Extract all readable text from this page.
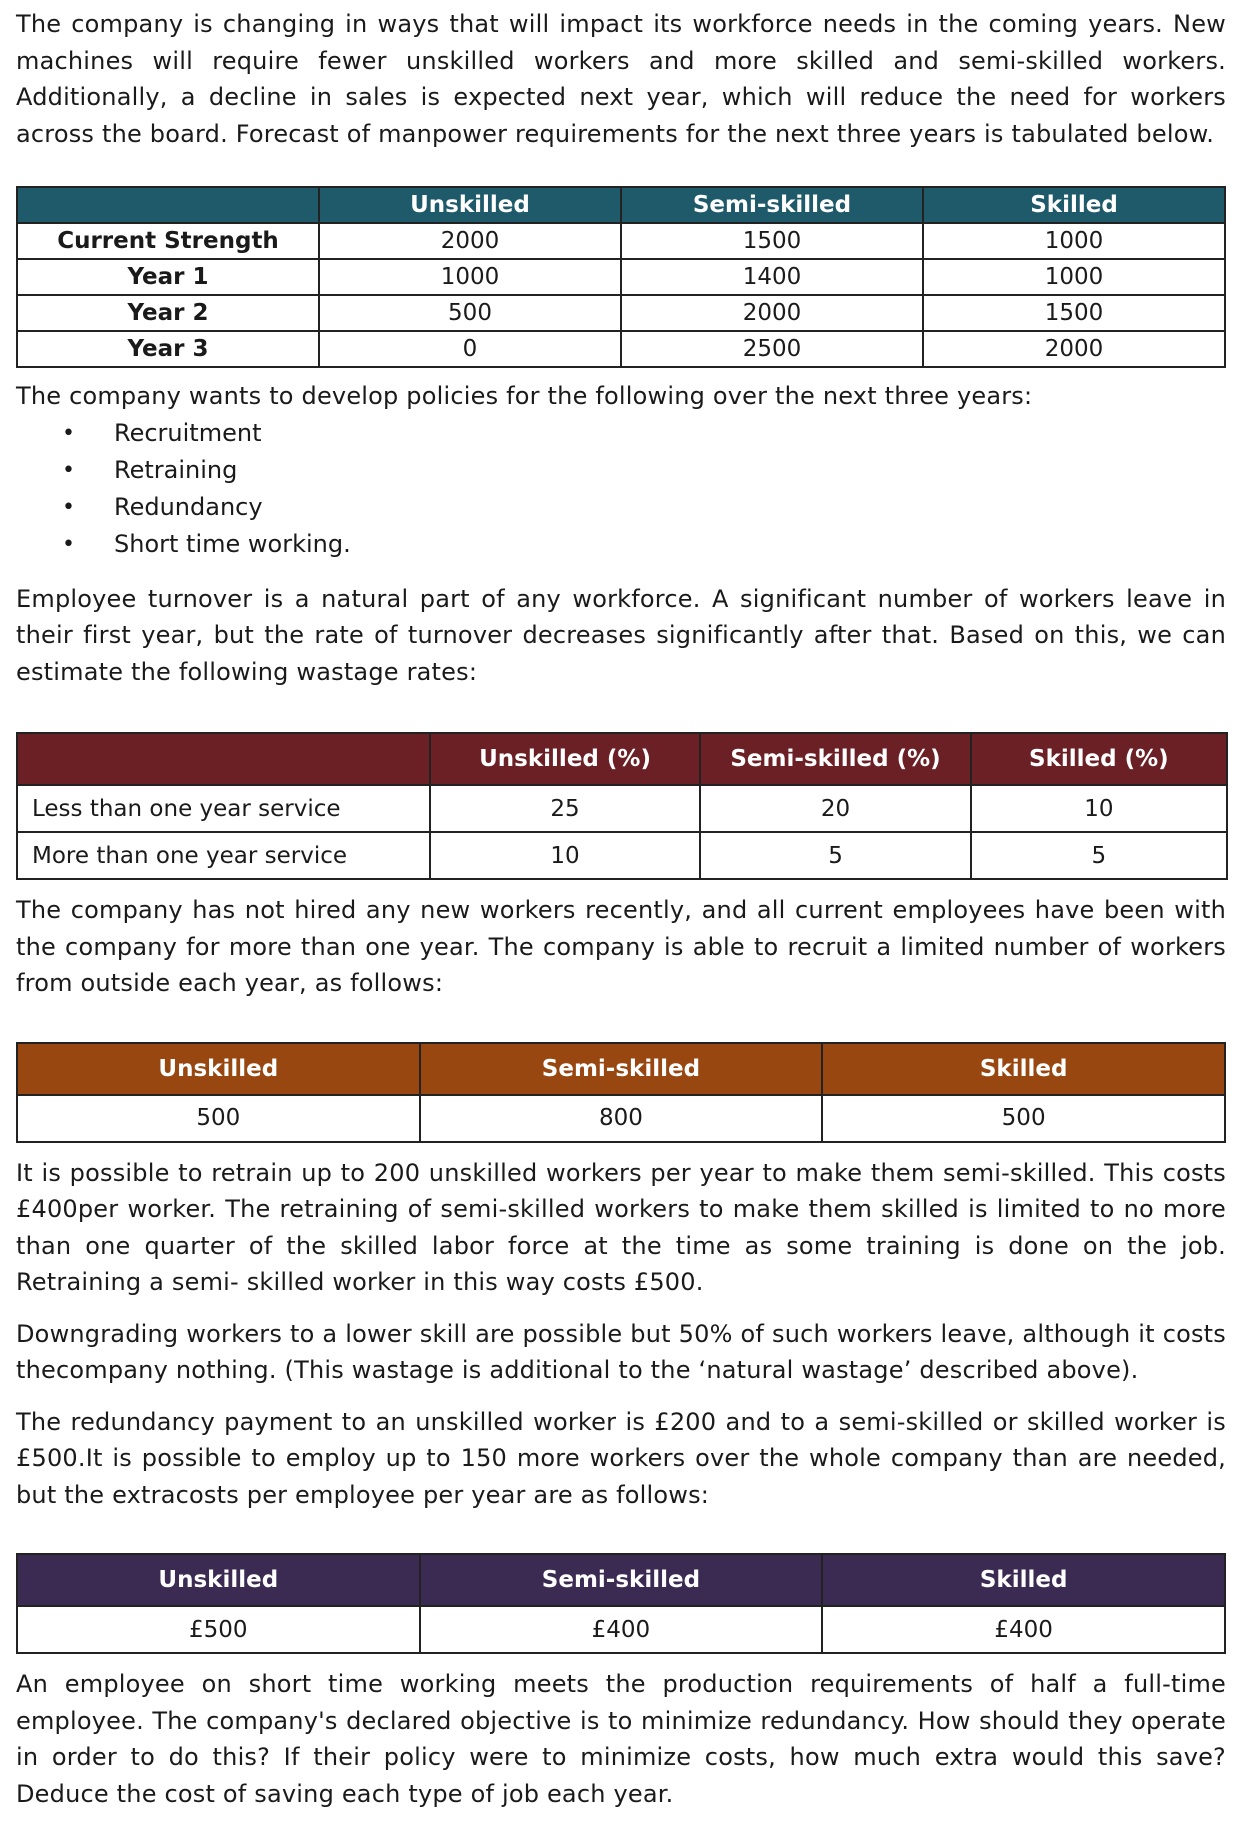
The company is changing in ways that will impact its workforce needs in the coming years. New machines will require fewer unskilled workers and more skilled and semi-skilled workers. Additionally, a decline in sales is expected next year, which will reduce the need for workers across the board. Forecast of manpower requirements for the next three years is tabulated below.

	Unskilled	Semi-skilled	Skilled
Current Strength	2000	1500	1000
Year 1	1000	1400	1000
Year 2	500	2000	1500
Year 3	0	2500	2000

The company wants to develop policies for the following over the next three years:

•	Recruitment
•	Retraining
•	Redundancy
•	Short time working.

Employee turnover is a natural part of any workforce. A significant number of workers leave in their first year, but the rate of turnover decreases significantly after that. Based on this, we can estimate the following wastage rates:

	Unskilled (%)	Semi-skilled (%)	Skilled (%)
Less than one year service	25	20	10
More than one year service	10	5	5

The company has not hired any new workers recently, and all current employees have been with the company for more than one year. The company is able to recruit a limited number of workers from outside each year, as follows:

Unskilled	Semi-skilled	Skilled
500	800	500

It is possible to retrain up to 200 unskilled workers per year to make them semi-skilled. This costs £400per worker. The retraining of semi-skilled workers to make them skilled is limited to no more than one quarter of the skilled labor force at the time as some training is done on the job. Retraining a semi- skilled worker in this way costs £500.

Downgrading workers to a lower skill are possible but 50% of such workers leave, although it costs thecompany nothing. (This wastage is additional to the ‘natural wastage’ described above).

The redundancy payment to an unskilled worker is £200 and to a semi-skilled or skilled worker is £500.It is possible to employ up to 150 more workers over the whole company than are needed, but the extracosts per employee per year are as follows:

Unskilled	Semi-skilled	Skilled
£500	£400	£400

An employee on short time working meets the production requirements of half a full-time employee. The company's declared objective is to minimize redundancy. How should they operate in order to do this? If their policy were to minimize costs, how much extra would this save? Deduce the cost of saving each type of job each year.
